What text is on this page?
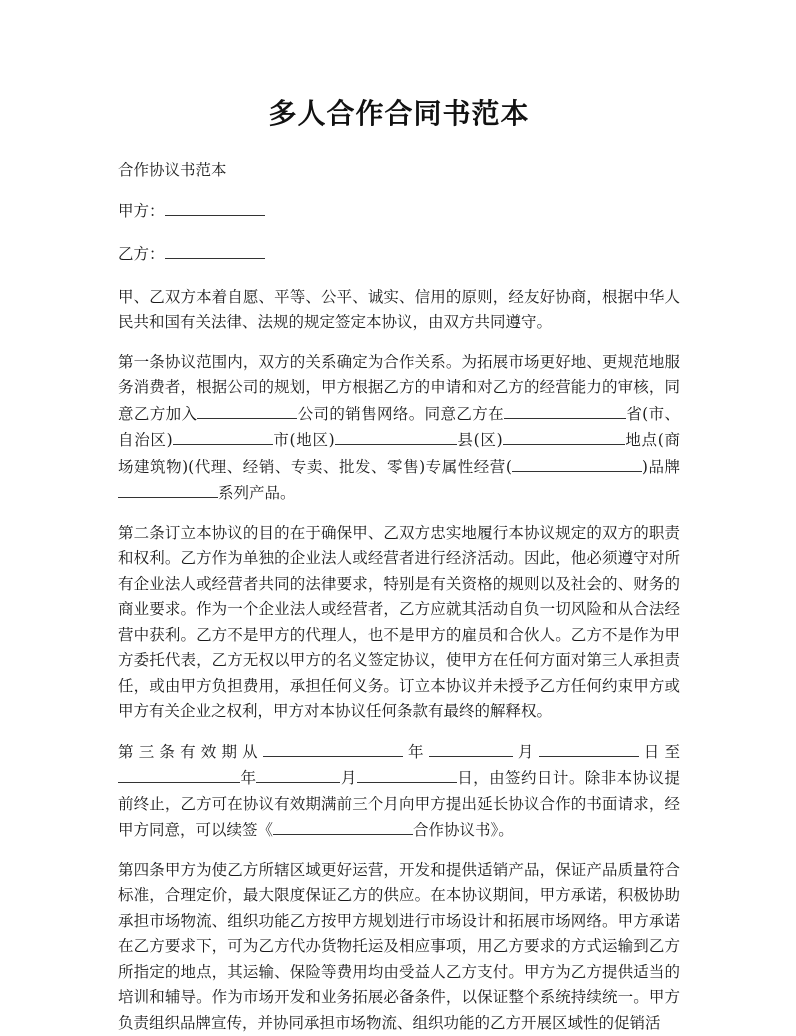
多人合作合同书范本

合作协议书范本

甲方：

乙方：

甲、乙双方本着自愿、平等、公平、诚实、信用的原则，经友好协商，根据中华人民共和国有关法律、法规的规定签定本协议，由双方共同遵守。

第一条协议范围内，双方的关系确定为合作关系。为拓展市场更好地、更规范地服务消费者，根据公司的规划，甲方根据乙方的申请和对乙方的经营能力的审核，同意乙方加入	公司的销售网络。同意乙方在	省(市、自治区)	市(地区)	县(区)	地点(商场建筑物)(代理、经销、专卖、批发、零售)专属性经营(	)品牌系列产品。

第二条订立本协议的目的在于确保甲、乙双方忠实地履行本协议规定的双方的职责和权利。乙方作为单独的企业法人或经营者进行经济活动。因此，他必须遵守对所有企业法人或经营者共同的法律要求，特别是有关资格的规则以及社会的、财务的商业要求。作为一个企业法人或经营者，乙方应就其活动自负一切风险和从合法经营中获利。乙方不是甲方的代理人，也不是甲方的雇员和合伙人。乙方不是作为甲方委托代表，乙方无权以甲方的名义签定协议，使甲方在任何方面对第三人承担责任，或由甲方负担费用，承担任何义务。订立本协议并未授予乙方任何约束甲方或甲方有关企业之权利，甲方对本协议任何条款有最终的解释权。

第三条有效期从	年	月	日至年	月	日，由签约日计。除非本协议提前终止，乙方可在协议有效期满前三个月向甲方提出延长协议合作的书面请求，经甲方同意，可以续签《	合作协议书》。

第四条甲方为使乙方所辖区域更好运营，开发和提供适销产品，保证产品质量符合标准，合理定价，最大限度保证乙方的供应。在本协议期间，甲方承诺，积极协助承担市场物流、组织功能乙方按甲方规划进行市场设计和拓展市场网络。甲方承诺在乙方要求下，可为乙方代办货物托运及相应事项，用乙方要求的方式运输到乙方所指定的地点，其运输、保险等费用均由受益人乙方支付。甲方为乙方提供适当的培训和辅导。作为市场开发和业务拓展必备条件，以保证整个系统持续统一。甲方负责组织品牌宣传，并协同承担市场物流、组织功能的乙方开展区域性的促销活
